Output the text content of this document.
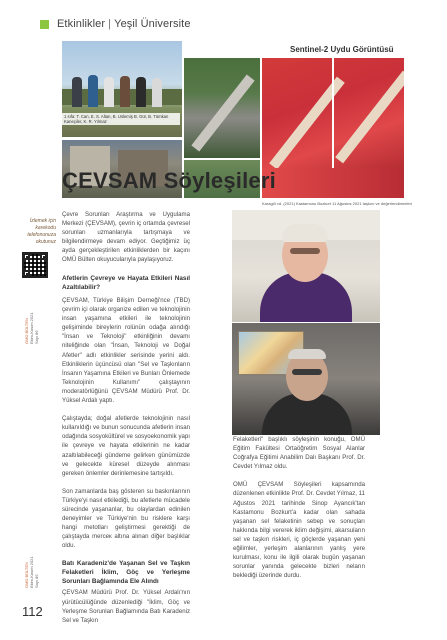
Etkinlikler | Yeşil Üniversite
1 sıfa: T. Can, E. S. Altan, B. Uslemiş B. Gür, B. Tümkan Kaneçiler, K. R. Yılmaz
Sentinel-2 Uydu Görüntüsü
Karagöl vd. (2021) Kastamonu Bozkurt 11 Ağustos 2021 taşkını ve değerlendirmeleri
ÇEVSAM Söyleşileri
İzlemek için karekodu telefonunuza okutunuz
OMÜ BÜLTEN Ekim-Kasım 2021 Sayı 86
OMÜ BÜLTEN Ekim-Kasım 2021 Sayı 86
112

Çevre Sorunları Araştırma ve Uygulama Merkezi (ÇEVSAM), çevrin iç ortamda çevresel sorunları uzmanlarıyla tartışmaya ve bilgilendirmeye devam ediyor. Geçtiğimiz üç ayda gerçekleştirilen etkinliklerden bir kaçını OMÜ Bülten okuyucularıyla paylaşıyoruz.

Afetlerin Çevreye ve Hayata Etkileri Nasıl Azaltılabilir?

ÇEVSAM, Türkiye Bilişim Derneği'nce (TBD) çevrim içi olarak organize edilen ve teknolojinin insan yaşamına etkileri ile teknolojinin gelişiminde bireylerin rolünün odağa alındığı "İnsan ve Teknoloji" etkinliğinin devamı niteliğinde olan "İnsan, Teknoloji ve Doğal Afetler" adlı etkinlikler serisinde yerini aldı. Etkinliklerin üçüncüsü olan "Sel ve Taşkınların İnsanın Yaşamına Etkileri ve Bunları Önlemede Teknolojinin Kullanımı" çalıştayının moderatörlüğünü ÇEVSAM Müdürü Prof. Dr. Yüksel Ardalı yaptı.

Çalıştayda; doğal afetlerde teknolojinin nasıl kullanıldığı ve bunun sonucunda afetlerin insan odağında sosyokültürel ve sosyoekonomik yapı ile çevreye ve hayata etkilerinin ne kadar azaltılabileceği gündeme gelirken günümüzde ve gelecekte küresel düzeyde alınması gereken önlemler derinlemesine tartışıldı.

Son zamanlarda baş gösteren su baskınlarının Türkiye'yi nasıl etkilediği, bu afetlerle mücadele sürecinde yaşananlar, bu olaylardan edinilen deneyimler ve Türkiye'nin bu risklere karşı hangi metotları geliştirmesi gerektiği de çalıştayda merceк altına alınan diğer başlıklar oldu.

Batı Karadeniz'de Yaşanan Sel ve Taşkın Felaketleri İklim, Göç ve Yerleşme Sorunları Bağlamında Ele Alındı

ÇEVSAM Müdürü Prof. Dr. Yüksel Ardalı'nın yürütücülüğünde düzenlediği "İklim, Göç ve Yerleşme Sorunları Bağlamında Batı Karadeniz Sel ve Taşkın

Felaketleri" başlıklı söyleşinin konuğu, OMÜ Eğitim Fakültesi Ortaöğretim Sosyal Alanlar Coğrafya Eğitimi Anabilim Dalı Başkanı Prof. Dr. Cevdet Yılmaz oldu.

OMÜ ÇEVSAM Söyleşileri kapsamında düzenlenen etkinlikte Prof. Dr. Cevdet Yılmaz, 11 Ağustos 2021 tarihinde Sinop Ayancık'tan Kastamonu Bozkurt'a kadar olan sahada yaşanan sel felaketinin sebep ve sonuçları hakkında bilgi vererek iklim değişimi, akarsuların sel ve taşkın riskleri, iç göçlerde yaşanan yeni eğilimler, yerleşim alanlarının yanlış yere kurulması, konu ile ilgili olarak bugün yaşanan sorunlar yanında gelecekte bizleri neların beklediği üzerinde durdu.
